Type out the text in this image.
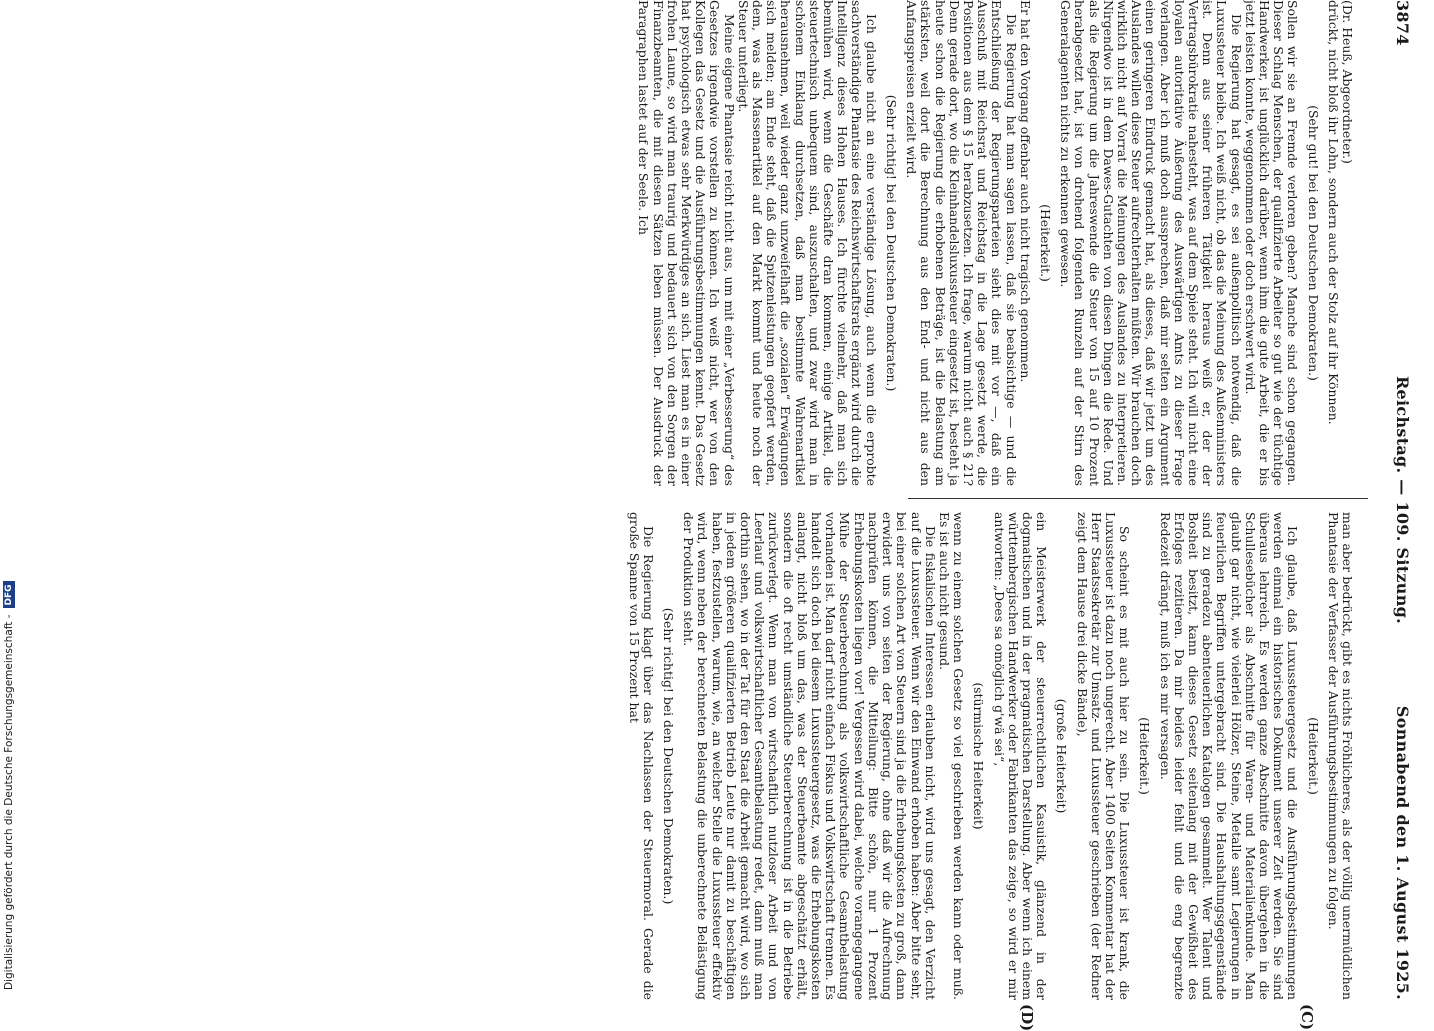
3874
Reichstag. — 109. Sitzung.
Sonnabend den 1. August 1925.

(Dr. Heuß, Abgeordneter.)

drückt, nicht bloß ihr Lohn, sondern auch der Stolz auf ihr Können.

(Sehr gut! bei den Deutschen Demokraten.)

Sollen wir sie an Fremde verloren geben? Manche sind schon gegangen. Dieser Schlag Menschen, der qualifizierte Arbeiter so gut wie der tüchtige Handwerker, ist unglücklich darüber, wenn ihm die gute Arbeit, die er bis jetzt leisten konnte, weggenommen oder doch erschwert wird.

Die Regierung hat gesagt, es sei außenpolitisch notwendig, daß die Luxussteuer bleibe. Ich weiß nicht, ob das die Meinung des Außenministers ist. Denn aus seiner früheren Tätigkeit heraus weiß er, der der Vertragsbürokratie nahesteht, was auf dem Spiele steht. Ich will nicht eine loyalen autoritative Äußerung des Auswärtigen Amts zu dieser Frage verlangen. Aber ich muß doch aussprechen, daß mir selten ein Argument einen geringeren Eindruck gemacht hat, als dieses, daß wir jetzt um des Auslandes willen diese Steuer aufrechterhalten müßten. Wir brauchen doch wirklich nicht auf Vorrat die Meinungen des Auslandes zu interpretieren. Nirgendwo ist in dem Dawes-Gutachten von diesen Dingen die Rede. Und als die Regierung um die Jahreswende die Steuer von 15 auf 10 Prozent herabgesetzt hat, ist von drohend folgenden Runzeln auf der Stirn des Generalagenten nichts zu erkennen gewesen.

(Heiterkeit.)

Er hat den Vorgang offenbar auch nicht tragisch genommen.

Die Regierung hat man sagen lassen, daß sie beabsichtige — und die Entschließung der Regierungsparteien sieht dies mit vor —, daß ein Ausschuß mit Reichsrat und Reichstag in die Lage gesetzt werde, die Positionen aus dem § 15 herabzusetzen. Ich frage, warum nicht auch § 21? Denn gerade dort, wo die Kleinhandelsluxussteuer eingesetzt ist, besteht ja heute schon die Regierung die erhobenen Beträge, ist die Belastung am stärksten, weil dort die Berechnung aus den End- und nicht aus den Anfangspreisen erzielt wird.

(Sehr richtig! bei den Deutschen Demokraten.)

Ich glaube nicht an eine verständige Lösung, auch wenn die erprobte sachverständige Phantasie des Reichswirtschaftsrats ergänzt wird durch die Intelligenz dieses Hohen Hauses. Ich fürchte vielmehr, daß man sich bemühen wird, wenn die Geschäfte dran kommen, einige Artikel, die steuertechnisch unbequem sind, auszuschalten, und zwar wird man in schönem Einklang durchsetzen, daß man bestimmte Wahrenartikel herausnehmen, weil wieder ganz unzweifelhaft die „sozialen“ Erwägungen sich melden; am Ende steht, daß die Spitzenleistungen geopfert werden, dem, was als Massenartikel auf den Markt kommt und heute noch der Steuer unterliegt.

Meine eigene Phantasie reicht nicht aus, um mit einer „Verbesserung“ des Gesetzes irgendwie vorstellen zu können. Ich weiß nicht, wer von den Kollegen das Gesetz und die Ausführungsbestimmungen kennt. Das Gesetz hat psychologisch etwas sehr Merkwürdiges an sich. Liest man es in einer frohen Laune, so wird man traurig und bedauert sich von den Sorgen der Finanzbeamten, die mit diesen Sätzen leben müssen. Der Ausdruck der Paragraphen lastet auf der Seele. Ich

man aber bedrückt, gibt es nichts Fröhlicheres, als der völlig unermüdlichen Phantasie der Verfasser der Ausführungsbestimmungen zu folgen.

(Heiterkeit.)

Ich glaube, daß Luxussteuergesetz und die Ausführungsbestimmungen werden einmal ein historisches Dokument unserer Zeit werden. Sie sind überaus lehrreich. Es werden ganze Abschnitte davon übergehen in die Schullesebücher als Abschnitte für Waren- und Materialienkunde. Man glaubt gar nicht, wie vielerlei Hölzer, Steine, Metalle samt Legierungen in feuerlichen Begriffen untergebracht sind. Die Haushaltungsgegenstände sind zu geradezu abenteuerlichen Katalogen gesammelt. Wer Talent und Bosheit besitzt, kann dieses Gesetz seitenlang mit der Gewißheit des Erfolges rezitieren. Da mir beides leider fehlt und die eng begrenzte Redezeit drängt, muß ich es mir versagen.

(Heiterkeit.)

So scheint es mit auch hier zu sein. Die Luxussteuer ist krank, die Luxussteuer ist dazu noch ungerecht. Aber 1400 Seiten Kommentar hat der Herr Staatssekretär zur Umsatz- und Luxussteuer geschrieben (der Redner zeigt dem Hause drei dicke Bände),

(große Heiterkeit)

ein Meisterwerk der steuerrechtlichen Kasuistik, glänzend in der dogmatischen und in der pragmatischen Darstellung. Aber wenn ich einem württembergischen Handwerker oder Fabrikanten das zeige, so wird er mir antworten: „Dees sa omöglich g'wä sei“,

(stürmische Heiterkeit)

wenn zu einem solchen Gesetz so viel geschrieben werden kann oder muß. Es ist auch nicht gesund.

Die fiskalischen Interessen erlauben nicht, wird uns gesagt, den Verzicht auf die Luxussteuer. Wenn wir den Einwand erhoben haben: Aber bitte sehr, bei einer solchen Art von Steuern sind ja die Erhebungskosten zu groß, dann erwidert uns von seiten der Regierung, ohne daß wir die Aufrechnung nachprüfen können, die Mitteilung: Bitte schön, nur 1 Prozent Erhebungskosten liegen vor! Vergessen wird dabei, welche vorangegangene Mühe der Steuerberechnung als volkswirtschaftliche Gesamtbelastung vorhanden ist. Man darf nicht einfach Fiskus und Volkswirtschaft trennen. Es handelt sich doch bei diesem Luxussteuergesetz, was die Erhebungskosten anlangt, nicht bloß um das, was der Steuerbeamte abgeschätzt erhält, sondern die oft recht umständliche Steuerberechnung ist in die Betriebe zurückverlegt. Wenn man von wirtschaftlich nutzloser Arbeit und von Leerlauf und volkswirtschaftlicher Gesamtbelastung redet, dann muß man dorthin sehen, wo in der Tat für den Staat die Arbeit gemacht wird, wo sich in jedem größeren qualifizierten Betrieb Leute nur damit zu beschäftigen haben, festzustellen, warum, wie, an welcher Stelle die Luxussteuer effektiv wird, wenn neben der berechneten Belastung die unberechnete Belästigung der Produktion steht.

(Sehr richtig! bei den Deutschen Demokraten.)

Die Regierung klagt über das Nachlassen der Steuermoral. Gerade die große Spanne von 15 Prozent hat

(C)
(D)
Digitalisierung gefördert durch die Deutsche Forschungsgemeinschaft -
DFG
